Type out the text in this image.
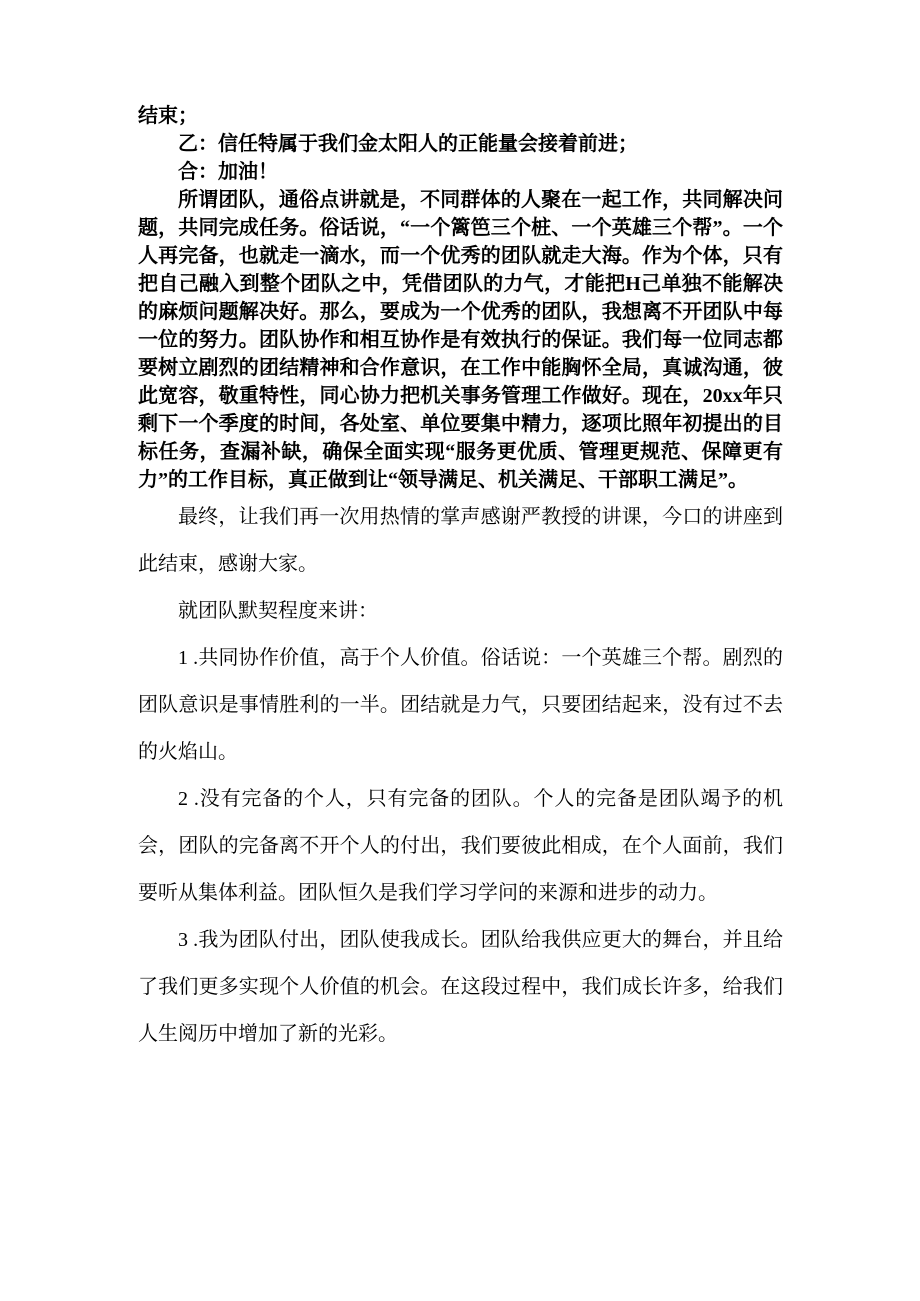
结束；

乙：信任特属于我们金太阳人的正能量会接着前进；

合：加油！

所谓团队，通俗点讲就是，不同群体的人聚在一起工作，共同解决问题，共同完成任务。俗话说，“一个篱笆三个桩、一个英雄三个帮”。一个人再完备，也就走一滴水，而一个优秀的团队就走大海。作为个体，只有把自己融入到整个团队之中，凭借团队的力气，才能把H己单独不能解决的麻烦问题解决好。那么，要成为一个优秀的团队，我想离不开团队中每一位的努力。团队协作和相互协作是有效执行的保证。我们每一位同志都要树立剧烈的团结精神和合作意识，在工作中能胸怀全局，真诚沟通，彼此宽容，敬重特性，同心协力把机关事务管理工作做好。现在，20xx年只剩下一个季度的时间，各处室、单位要集中精力，逐项比照年初提出的目标任务，查漏补缺，确保全面实现“服务更优质、管理更规范、保障更有力”的工作目标，真正做到让“领导满足、机关满足、干部职工满足”。

最终，让我们再一次用热情的掌声感谢严教授的讲课，今口的讲座到此结束，感谢大家。

就团队默契程度来讲：

1 .共同协作价值，高于个人价值。俗话说：一个英雄三个帮。剧烈的团队意识是事情胜利的一半。团结就是力气，只要团结起来，没有过不去的火焰山。

2 .没有完备的个人，只有完备的团队。个人的完备是团队竭予的机会，团队的完备离不开个人的付出，我们要彼此相成，在个人面前，我们要听从集体利益。团队恒久是我们学习学问的来源和进步的动力。

3 .我为团队付出，团队使我成长。团队给我供应更大的舞台，并且给了我们更多实现个人价值的机会。在这段过程中，我们成长许多，给我们人生阅历中增加了新的光彩。
